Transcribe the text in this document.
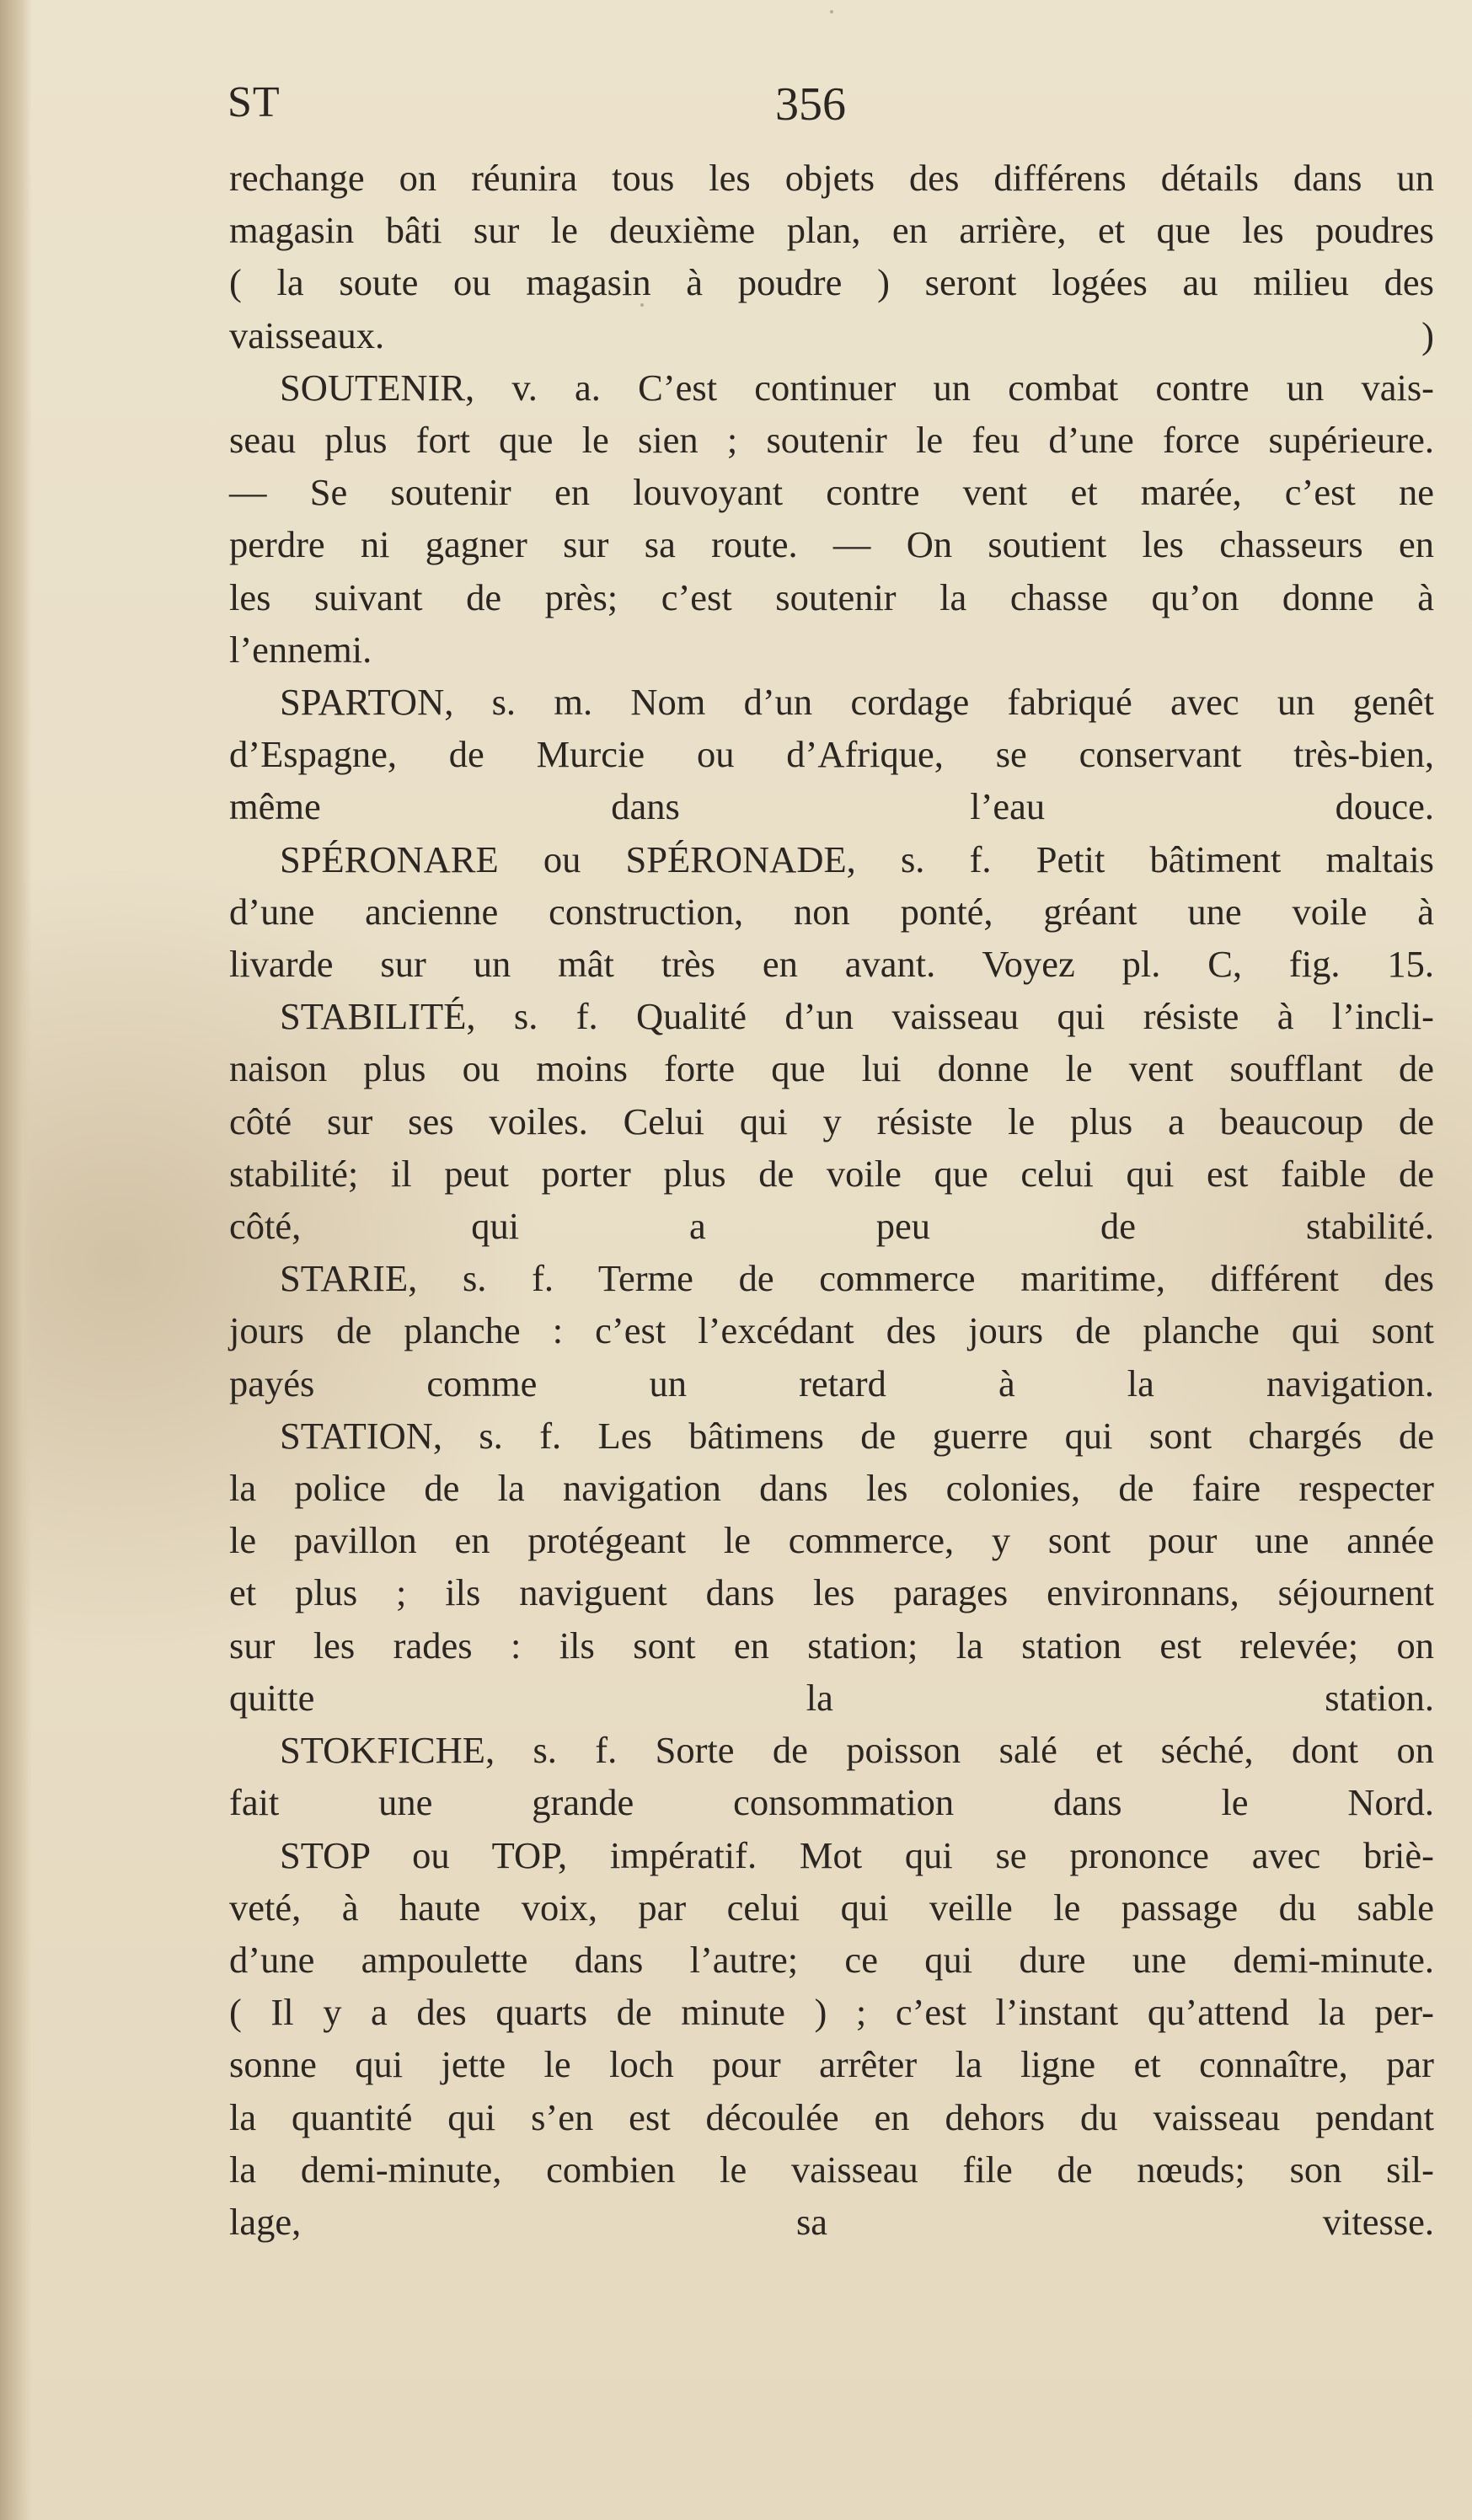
ST	356
rechange on réunira tous les objets des différens détails dans un
magasin bâti sur le deuxième plan, en arrière, et que les poudres
( la soute ou magasin à poudre ) seront logées au milieu des
vaisseaux. )
SOUTENIR, v. a. C’est continuer un combat contre un vais-
seau plus fort que le sien ; soutenir le feu d’une force supérieure.
— Se soutenir en louvoyant contre vent et marée, c’est ne
perdre ni gagner sur sa route. — On soutient les chasseurs en
les suivant de près; c’est soutenir la chasse qu’on donne à
l’ennemi.
SPARTON, s. m. Nom d’un cordage fabriqué avec un genêt
d’Espagne, de Murcie ou d’Afrique, se conservant très-bien,
même dans l’eau douce.
SPÉRONARE ou SPÉRONADE, s. f. Petit bâtiment maltais
d’une ancienne construction, non ponté, gréant une voile à
livarde sur un mât très en avant. Voyez pl. C, fig. 15.
STABILITÉ, s. f. Qualité d’un vaisseau qui résiste à l’incli-
naison plus ou moins forte que lui donne le vent soufflant de
côté sur ses voiles. Celui qui y résiste le plus a beaucoup de
stabilité; il peut porter plus de voile que celui qui est faible de
côté, qui a peu de stabilité.
STARIE, s. f. Terme de commerce maritime, différent des
jours de planche : c’est l’excédant des jours de planche qui sont
payés comme un retard à la navigation.
STATION, s. f. Les bâtimens de guerre qui sont chargés de
la police de la navigation dans les colonies, de faire respecter
le pavillon en protégeant le commerce, y sont pour une année
et plus ; ils naviguent dans les parages environnans, séjournent
sur les rades : ils sont en station; la station est relevée; on
quitte la station.
STOKFICHE, s. f. Sorte de poisson salé et séché, dont on
fait une grande consommation dans le Nord.
STOP ou TOP, impératif. Mot qui se prononce avec briè-
veté, à haute voix, par celui qui veille le passage du sable
d’une ampoulette dans l’autre; ce qui dure une demi-minute.
( Il y a des quarts de minute ) ; c’est l’instant qu’attend la per-
sonne qui jette le loch pour arrêter la ligne et connaître, par
la quantité qui s’en est découlée en dehors du vaisseau pendant
la demi-minute, combien le vaisseau file de nœuds; son sil-
lage, sa vitesse.
